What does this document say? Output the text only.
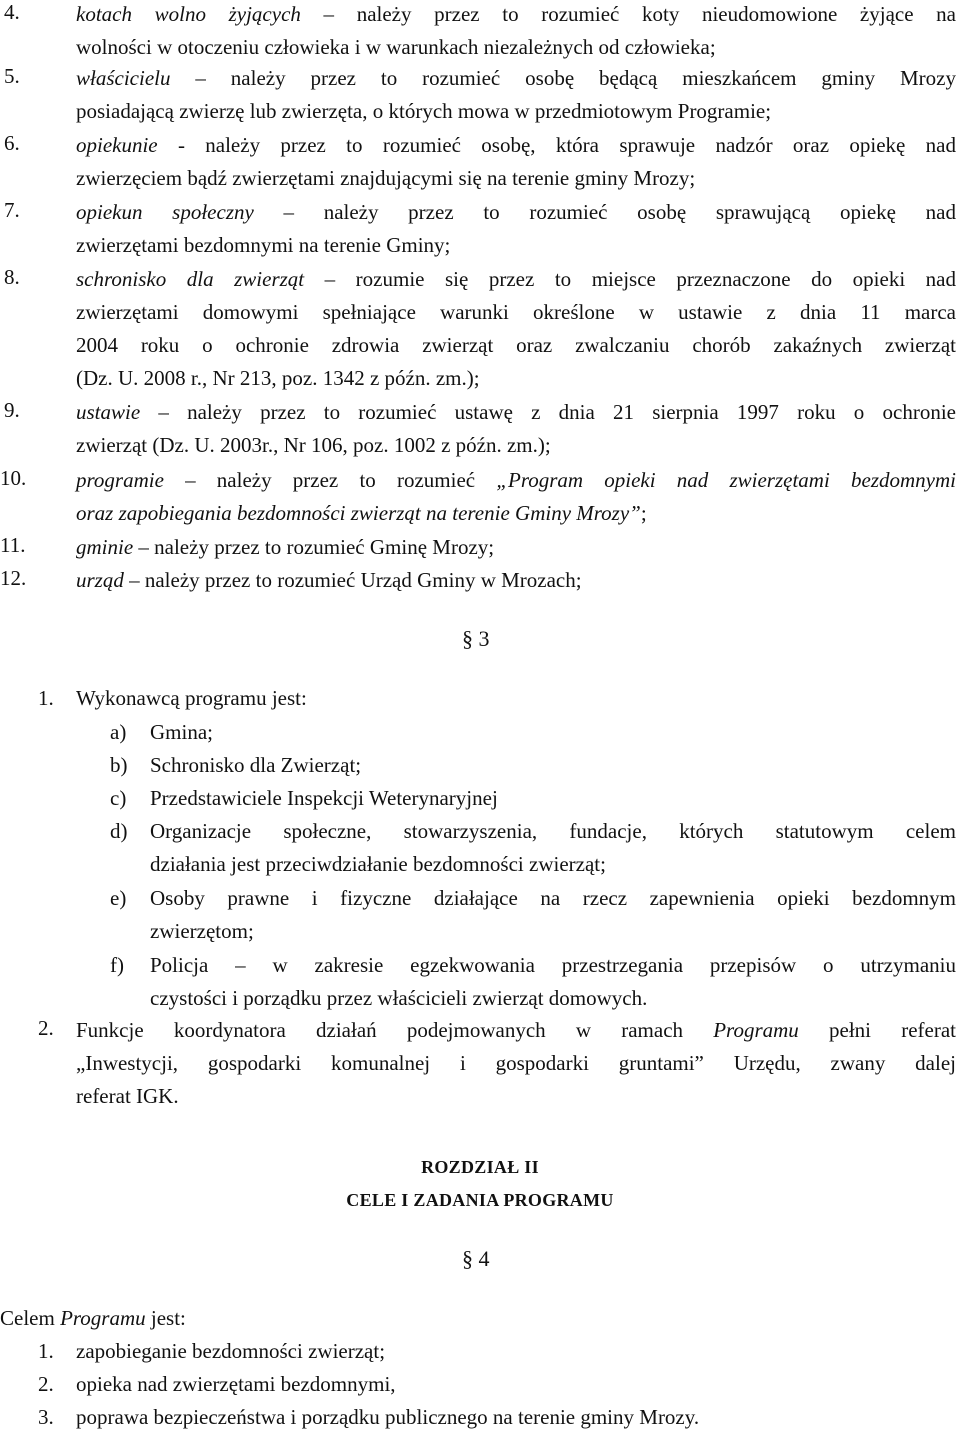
4.	kotach wolno żyjących – należy przez to rozumieć koty nieudomowione żyjące na
wolności w otoczeniu człowieka i w warunkach niezależnych od człowieka;
5.	właścicielu – należy przez to rozumieć osobę będącą mieszkańcem gminy Mrozy
posiadającą zwierzę lub zwierzęta, o których mowa w przedmiotowym Programie;
6.	opiekunie - należy przez to rozumieć osobę, która sprawuje nadzór oraz opiekę nad
zwierzęciem bądź zwierzętami znajdującymi się na terenie gminy Mrozy;
7.	opiekun społeczny – należy przez to rozumieć osobę sprawującą opiekę nad
zwierzętami bezdomnymi na terenie Gminy;
8.	schronisko dla zwierząt – rozumie się przez to miejsce przeznaczone do opieki nad
zwierzętami domowymi spełniające warunki określone w ustawie z dnia 11 marca
2004 roku o ochronie zdrowia zwierząt oraz zwalczaniu chorób zakaźnych zwierząt
(Dz. U. 2008 r., Nr 213, poz. 1342 z późn. zm.);
9.	ustawie – należy przez to rozumieć ustawę z dnia 21 sierpnia 1997 roku o ochronie
zwierząt (Dz. U. 2003r., Nr 106, poz. 1002 z późn. zm.);
10. programie – należy przez to rozumieć „Program opieki nad zwierzętami bezdomnymi
oraz zapobiegania bezdomności zwierząt na terenie Gminy Mrozy”;
11. gminie – należy przez to rozumieć Gminę Mrozy;
12. urząd – należy przez to rozumieć Urząd Gminy w Mrozach;
§ 3
1. Wykonawcą programu jest:
a) Gmina;
b) Schronisko dla Zwierząt;
c) Przedstawiciele Inspekcji Weterynaryjnej
d) Organizacje społeczne, stowarzyszenia, fundacje, których statutowym celem
działania jest przeciwdziałanie bezdomności zwierząt;
e) Osoby prawne i fizyczne działające na rzecz zapewnienia opieki bezdomnym
zwierzętom;
f) Policja – w zakresie egzekwowania przestrzegania przepisów o utrzymaniu
czystości i porządku przez właścicieli zwierząt domowych.
2. Funkcje koordynatora działań podejmowanych w ramach Programu pełni referat
„Inwestycji, gospodarki komunalnej i gospodarki gruntami” Urzędu, zwany dalej
referat IGK.
ROZDZIAŁ II
CELE I ZADANIA PROGRAMU
§ 4
Celem Programu jest:
1. zapobieganie bezdomności zwierząt;
2. opieka nad zwierzętami bezdomnymi,
3. poprawa bezpieczeństwa i porządku publicznego na terenie gminy Mrozy.
